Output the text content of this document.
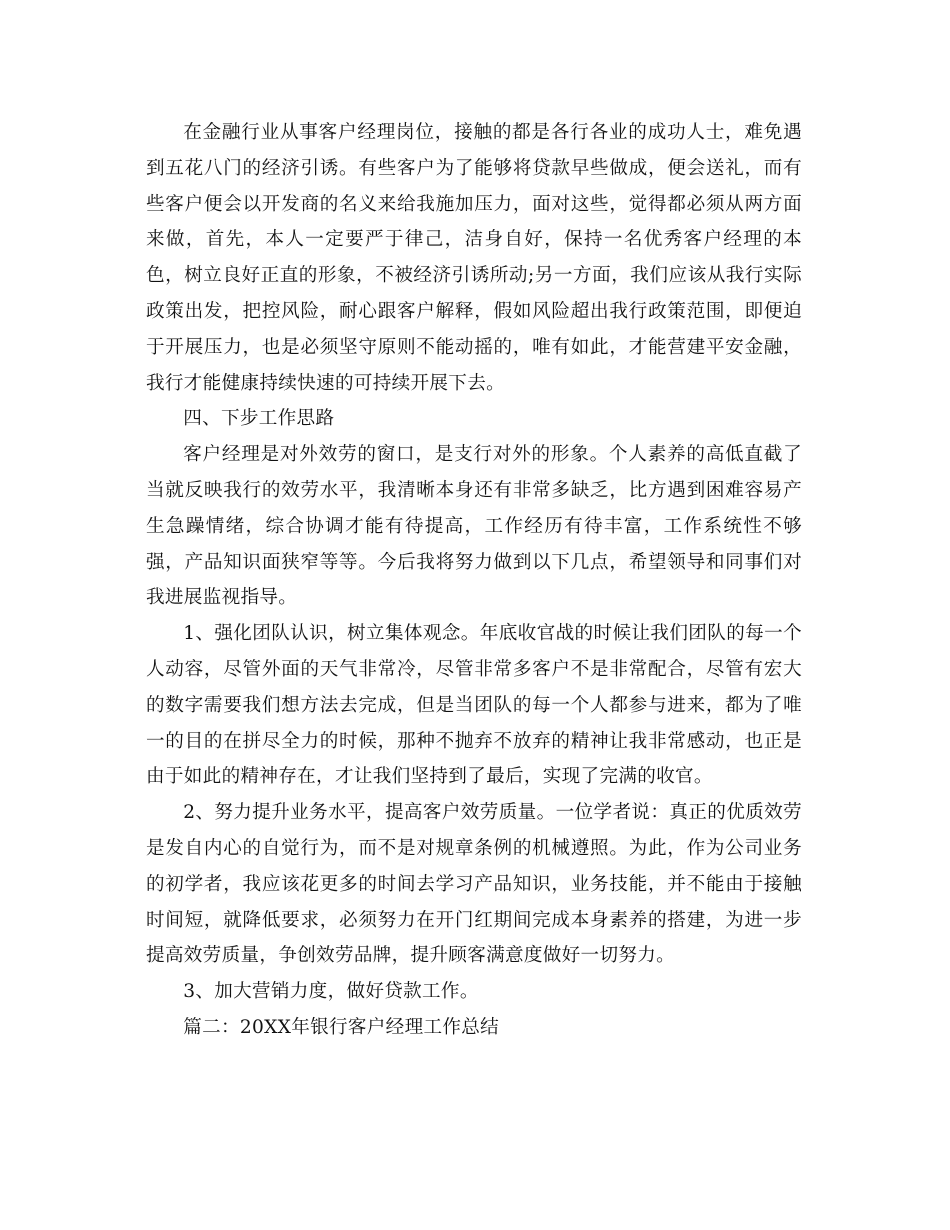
在金融行业从事客户经理岗位，接触的都是各行各业的成功人士，难免遇到五花八门的经济引诱。有些客户为了能够将贷款早些做成，便会送礼，而有些客户便会以开发商的名义来给我施加压力，面对这些，觉得都必须从两方面来做，首先，本人一定要严于律己，洁身自好，保持一名优秀客户经理的本色，树立良好正直的形象，不被经济引诱所动;另一方面，我们应该从我行实际政策出发，把控风险，耐心跟客户解释，假如风险超出我行政策范围，即便迫于开展压力，也是必须坚守原则不能动摇的，唯有如此，才能营建平安金融，我行才能健康持续快速的可持续开展下去。

四、下步工作思路

客户经理是对外效劳的窗口，是支行对外的形象。个人素养的高低直截了当就反映我行的效劳水平，我清晰本身还有非常多缺乏，比方遇到困难容易产生急躁情绪，综合协调才能有待提高，工作经历有待丰富，工作系统性不够强，产品知识面狭窄等等。今后我将努力做到以下几点，希望领导和同事们对我进展监视指导。

1、强化团队认识，树立集体观念。年底收官战的时候让我们团队的每一个人动容，尽管外面的天气非常冷，尽管非常多客户不是非常配合，尽管有宏大的数字需要我们想方法去完成，但是当团队的每一个人都参与进来，都为了唯一的目的在拼尽全力的时候，那种不抛弃不放弃的精神让我非常感动，也正是由于如此的精神存在，才让我们坚持到了最后，实现了完满的收官。

2、努力提升业务水平，提高客户效劳质量。一位学者说：真正的优质效劳是发自内心的自觉行为，而不是对规章条例的机械遵照。为此，作为公司业务的初学者，我应该花更多的时间去学习产品知识，业务技能，并不能由于接触时间短，就降低要求，必须努力在开门红期间完成本身素养的搭建，为进一步提高效劳质量，争创效劳品牌，提升顾客满意度做好一切努力。

3、加大营销力度，做好贷款工作。

篇二：20XX年银行客户经理工作总结
